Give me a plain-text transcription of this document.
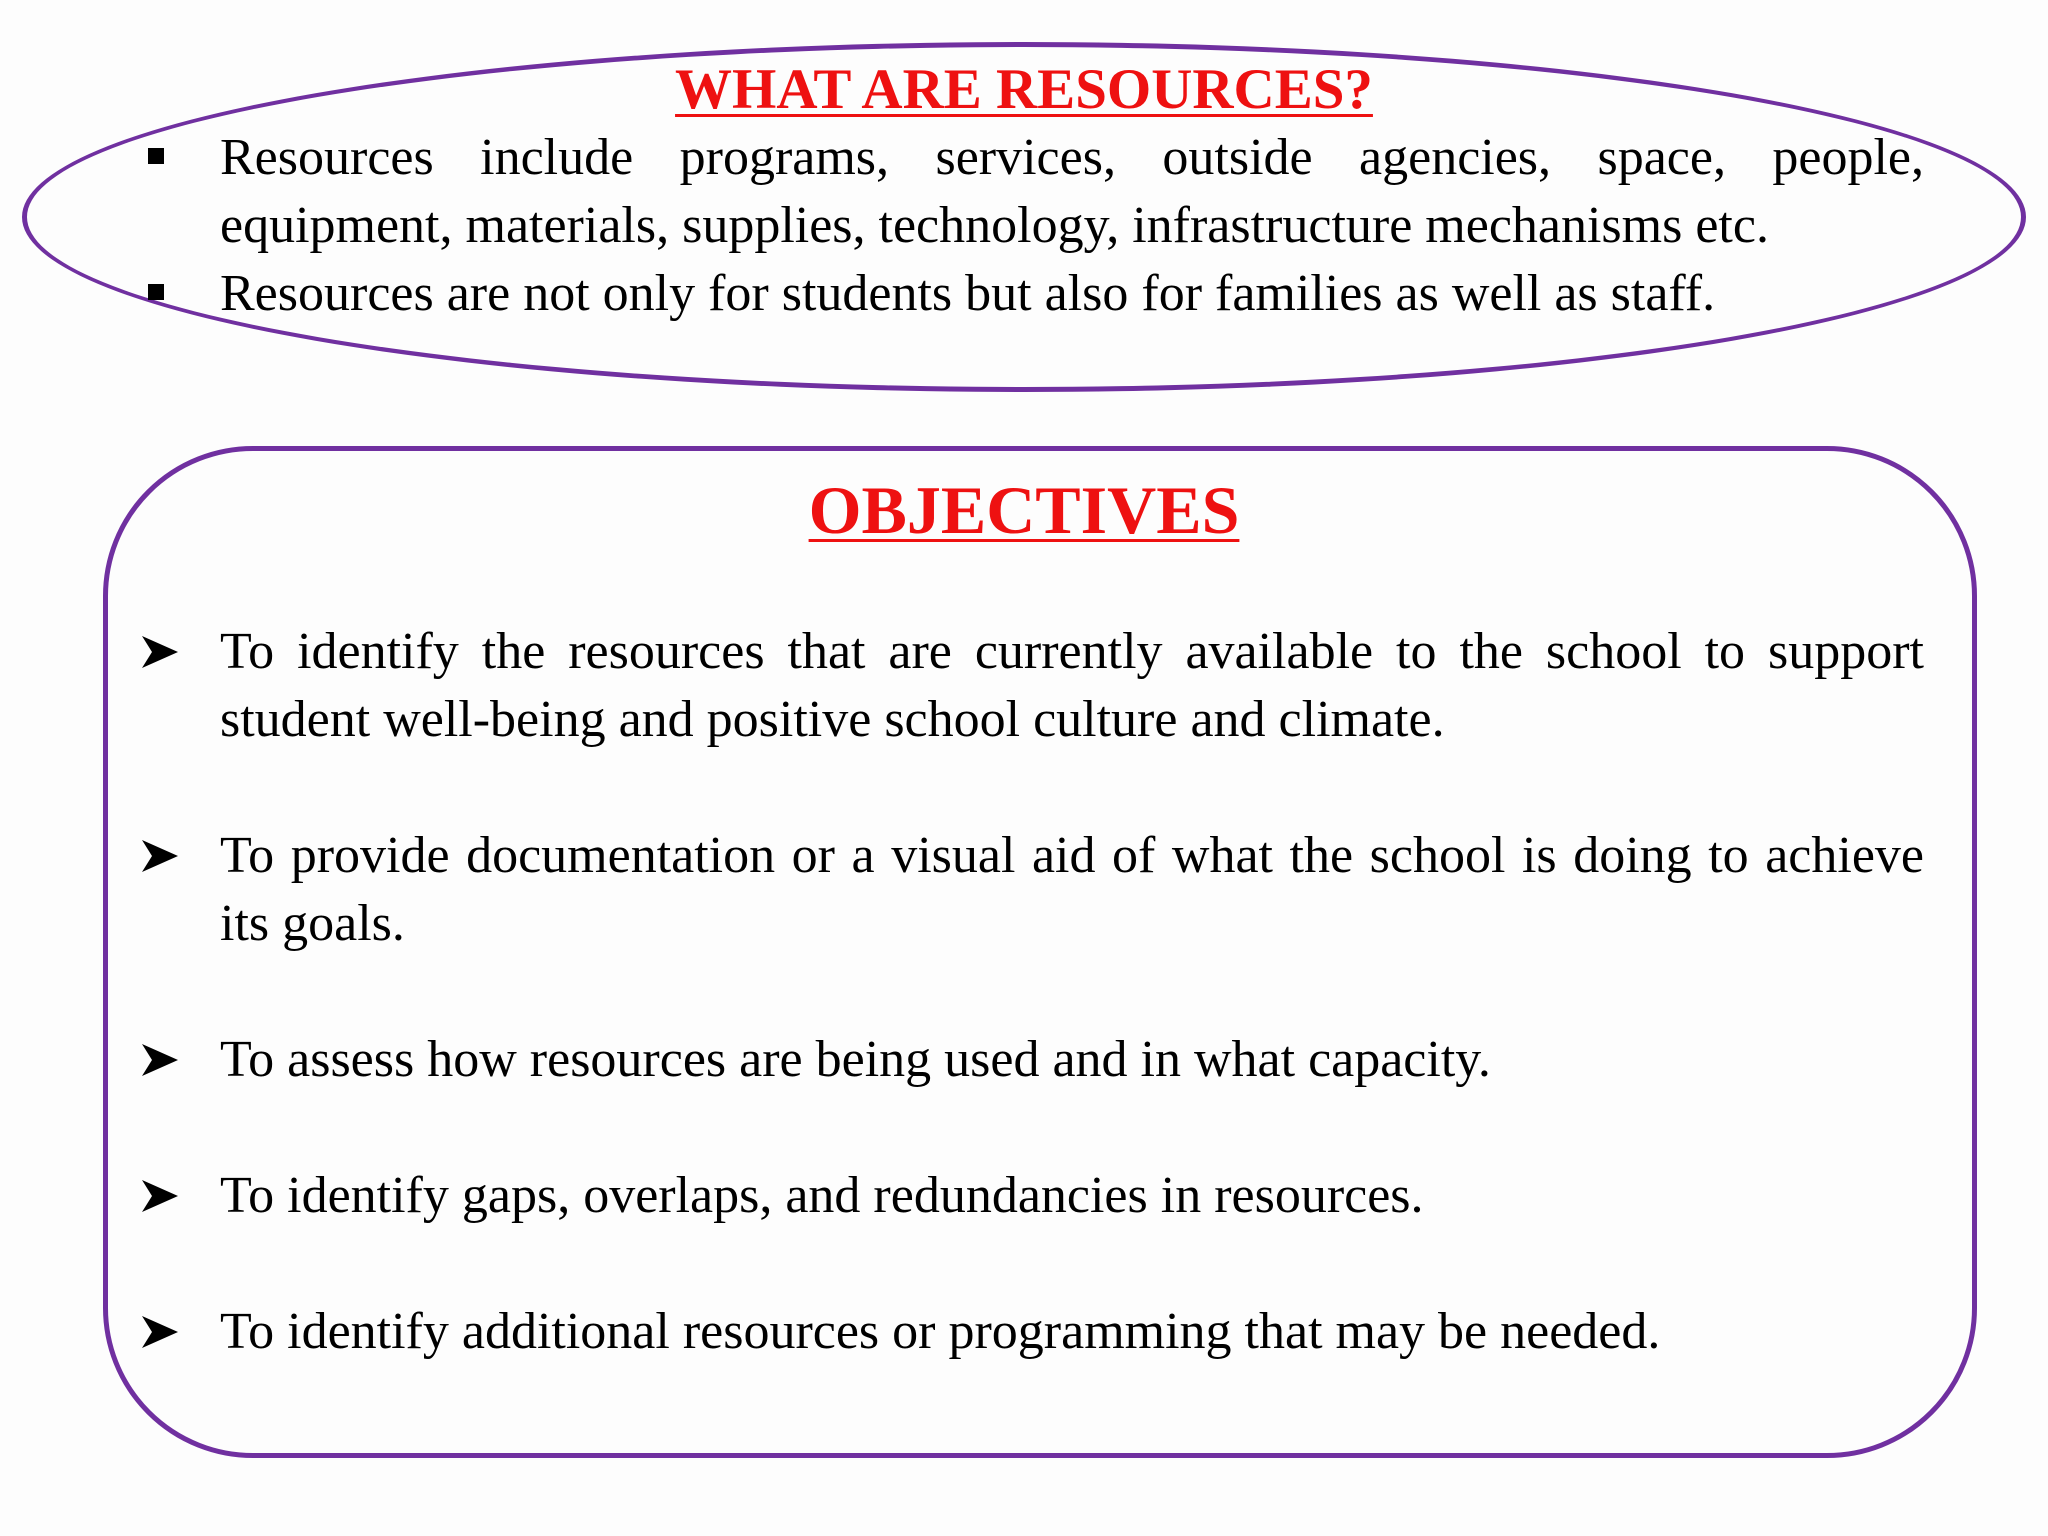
WHAT ARE RESOURCES?
Resources include programs, services, outside agencies, space, people, equipment, materials, supplies, technology, infrastructure mechanisms etc.
Resources are not only for students but also for families as well as staff.
OBJECTIVES
To identify the resources that are currently available to the school to support student well-being and positive school culture and climate.
To provide documentation or a visual aid of what the school is doing to achieve its goals.
To assess how resources are being used and in what capacity.
To identify gaps, overlaps, and redundancies in resources.
To identify additional resources or programming that may be needed.
